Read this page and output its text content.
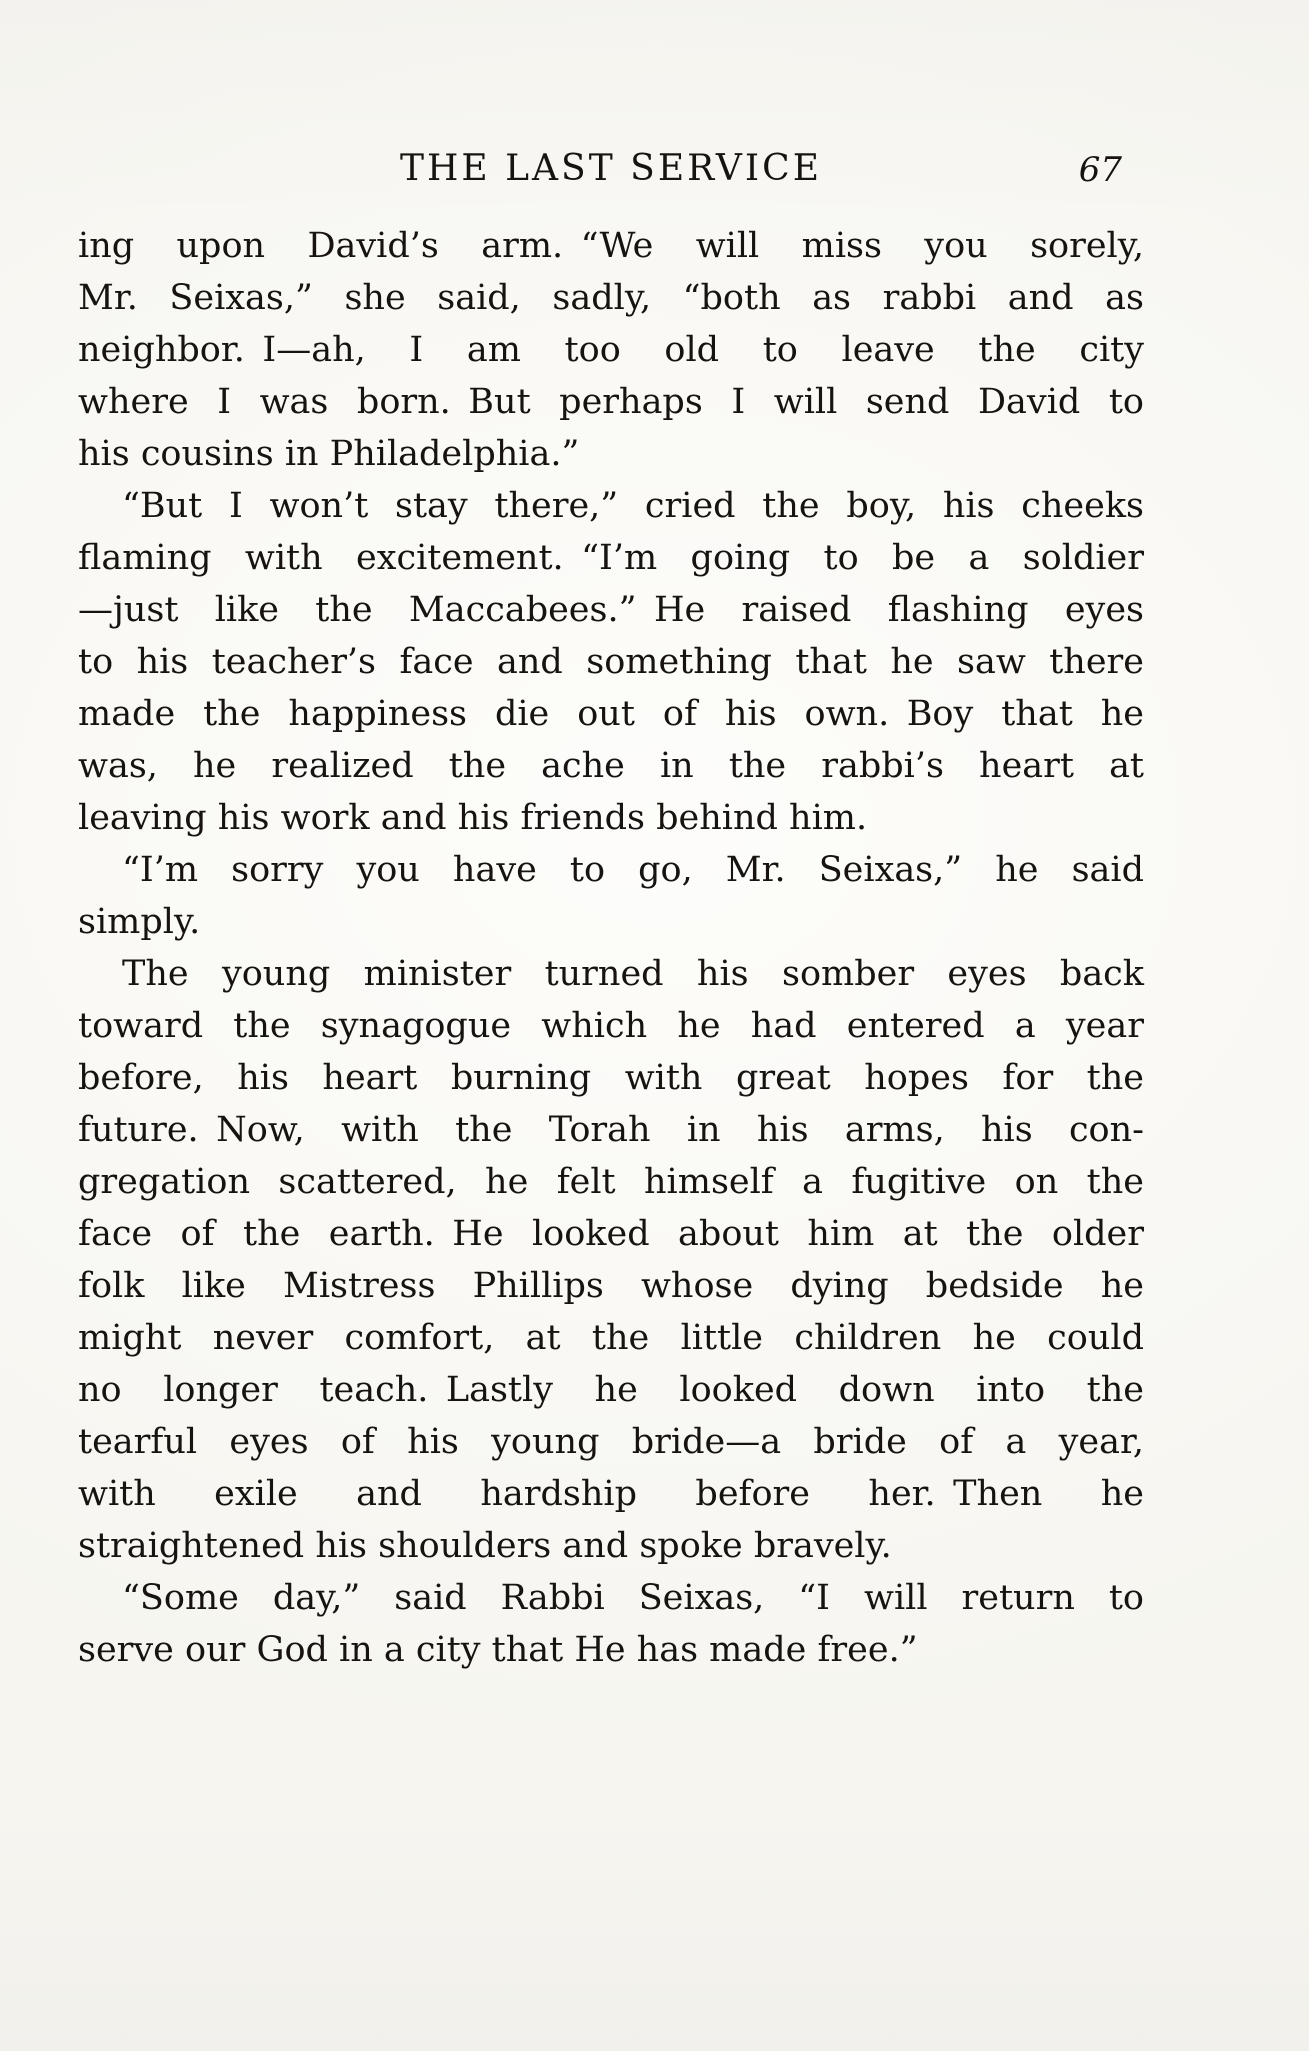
THE LAST SERVICE	67
ing upon David’s arm. “We will miss you sorely,
Mr. Seixas,” she said, sadly, “both as rabbi and as
neighbor. I—ah, I am too old to leave the city
where I was born. But perhaps I will send David to
his cousins in Philadelphia.”
“But I won’t stay there,” cried the boy, his cheeks
flaming with excitement. “I’m going to be a soldier
—just like the Maccabees.” He raised flashing eyes
to his teacher’s face and something that he saw there
made the happiness die out of his own. Boy that he
was, he realized the ache in the rabbi’s heart at
leaving his work and his friends behind him.
“I’m sorry you have to go, Mr. Seixas,” he said
simply.
The young minister turned his somber eyes back
toward the synagogue which he had entered a year
before, his heart burning with great hopes for the
future. Now, with the Torah in his arms, his con-
gregation scattered, he felt himself a fugitive on the
face of the earth. He looked about him at the older
folk like Mistress Phillips whose dying bedside he
might never comfort, at the little children he could
no longer teach. Lastly he looked down into the
tearful eyes of his young bride—a bride of a year,
with exile and hardship before her. Then he
straightened his shoulders and spoke bravely.
“Some day,” said Rabbi Seixas, “I will return to
serve our God in a city that He has made free.”
